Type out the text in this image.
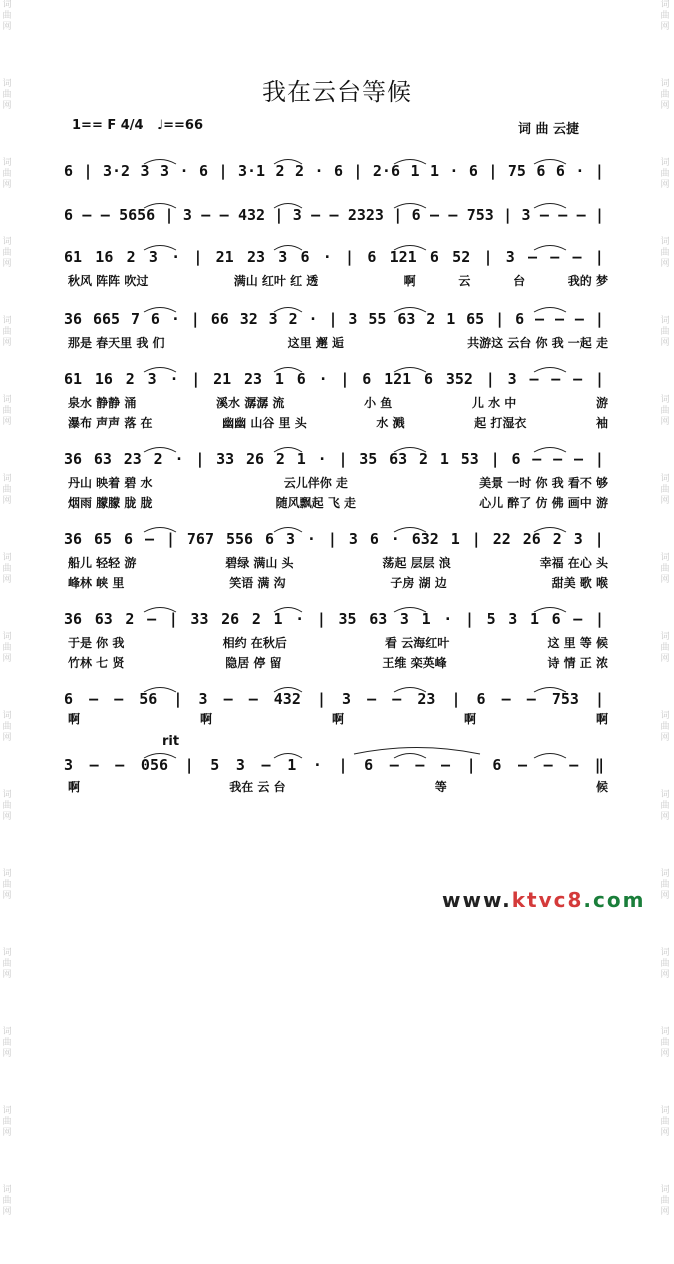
词
曲
网
词
曲
网
词
曲
网
词
曲
网
词
曲
网
词
曲
网
词
曲
网
词
曲
网
词
曲
网
词
曲
网
词
曲
网
词
曲
网
词
曲
网
词
曲
网
词
曲
网
词
曲
网
词
曲
网
词
曲
网
词
曲
网
词
曲
网
词
曲
网
词
曲
网
词
曲
网
词
曲
网
词
曲
网
词
曲
网
词
曲
网
词
曲
网
词
曲
网
词
曲
网
词
曲
网
词
曲
网
我在云台等候
1== F 4/4 ♩==66	词 曲 云捷
6 | 3·2 3 3 · 6 | 3·1 2 2 · 6 | 2·6 1 1 · 6 | 75 6 6 · |
6 – – 5656 | 3 – – 432 | 3 – – 2323 | 6 – – 753 | 3 – – – |
61 16 2 3 · | 21 23 3 6 · | 6 121 6 52 | 3 – – – |
秋风 阵阵 吹过	满山 红叶 红 透	啊	云	台	我的 梦
36 665 7 6 · | 66 32 3 2 · | 3 55 63 2 1 65 | 6 – – – |
那是 春天里 我 们	这里 邂 逅	共游这 云台 你 我 一起 走
61 16 2 3 · | 21 23 1 6 · | 6 121 6 352 | 3 – – – |
泉水 静静 涌	溪水 潺潺 流	小 鱼	儿 水 中	游
瀑布 声声 落 在	幽幽 山谷 里 头	水 溅	起 打湿衣	袖
36 63 23 2 · | 33 26 2 1 · | 35 63 2 1 53 | 6 – – – |
丹山 映着 碧 水	云儿伴你 走	美景 一时 你 我 看不 够
烟雨 朦朦 胧 胧	随风飘起 飞 走	心儿 醉了 仿 佛 画中 游
36 65 6 – | 767 556 6 3 · | 3 6 · 632 1 | 22 26 2 3 |
船儿 轻轻 游	碧绿 满山 头	荡起 层层 浪	幸福 在心 头
峰林 峡 里	笑语 满 沟	子房 湖 边	甜美 歌 喉
36 63 2 – | 33 26 2 1 · | 35 63 3 1 · | 5 3 1 6 – |
于是 你 我	相约 在秋后	看 云海红叶	这 里 等 候
竹林 七 贤	隐居 停 留	王维 栾英峰	诗 情 正 浓
6 – – 56 | 3 – – 432 | 3 – – 23 | 6 – – 753 |
啊	啊	啊	啊	啊
3 – – 056 | 5 3 – 1 · | 6 – – – | 6 – – – ‖
啊	我在 云 台	等	候
rit
www.ktvc8.com
